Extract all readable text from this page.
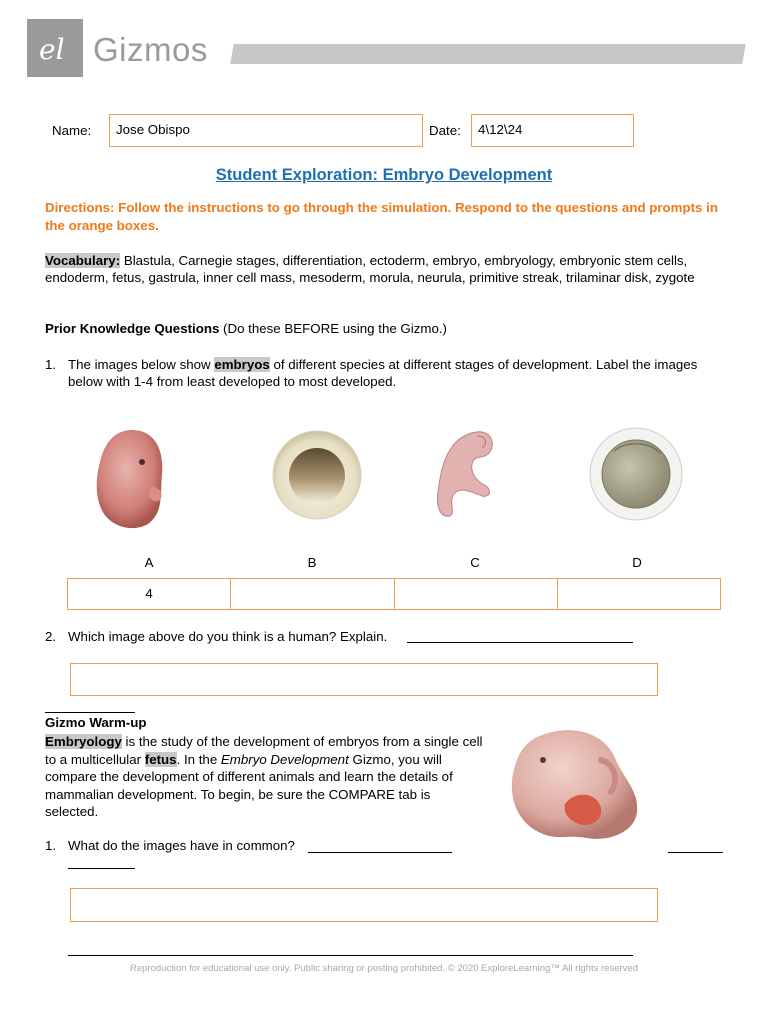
el Gizmos
Name:	Jose Obispo	Date:	4\12\24
Student Exploration: Embryo Development
Directions: Follow the instructions to go through the simulation. Respond to the questions and prompts in the orange boxes.
Vocabulary: Blastula, Carnegie stages, differentiation, ectoderm, embryo, embryology, embryonic stem cells, endoderm, fetus, gastrula, inner cell mass, mesoderm, morula, neurula, primitive streak, trilaminar disk, zygote
Prior Knowledge Questions (Do these BEFORE using the Gizmo.)
1. The images below show embryos of different species at different stages of development. Label the images below with 1-4 from least developed to most developed.
A	B	C	D
4
2. Which image above do you think is a human? Explain.
Gizmo Warm-up
Embryology is the study of the development of embryos from a single cell to a multicellular fetus. In the Embryo Development Gizmo, you will compare the development of different animals and learn the details of mammalian development. To begin, be sure the COMPARE tab is selected.
1. What do the images have in common?
Reproduction for educational use only. Public sharing or posting prohibited. © 2020 ExploreLearning™ All rights reserved
